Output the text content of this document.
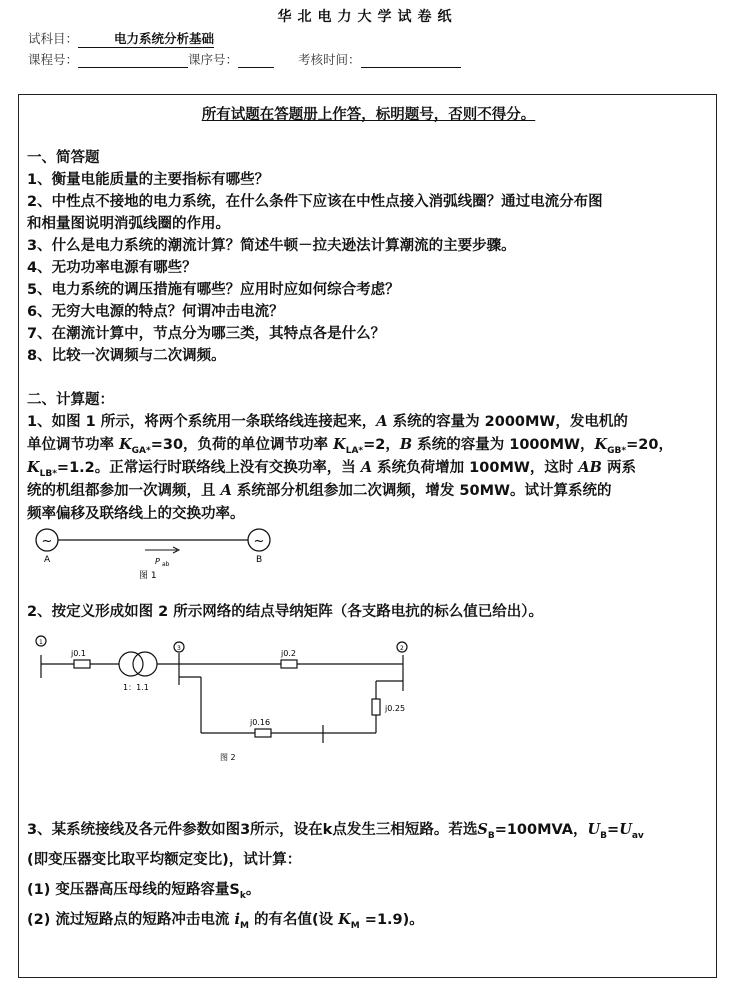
华北电力大学试卷纸
试科目：	电力系统分析基础
课程号：	课序号：	考核时间：
所有试题在答题册上作答，标明题号，否则不得分。
一、简答题
1、衡量电能质量的主要指标有哪些？
2、中性点不接地的电力系统，在什么条件下应该在中性点接入消弧线圈？通过电流分布图
和相量图说明消弧线圈的作用。
3、什么是电力系统的潮流计算？简述牛顿－拉夫逊法计算潮流的主要步骤。
4、无功功率电源有哪些？
5、电力系统的调压措施有哪些？应用时应如何综合考虑？
6、无穷大电源的特点？何谓冲击电流？
7、在潮流计算中，节点分为哪三类，其特点各是什么？
8、比较一次调频与二次调频。
二、计算题：
1、如图 1 所示，将两个系统用一条联络线连接起来，A 系统的容量为 2000MW，发电机的
单位调节功率 $K_{GA*}=30$，负荷的单位调节功率 $K_{LA*}=2$，B 系统的容量为 1000MW，$K_{GB*}=20$，
$K_{LB*}=1.2$。正常运行时联络线上没有交换功率，当 A 系统负荷增加 100MW，这时 AB 两系
统的机组都参加一次调频，且 A 系统部分机组参加二次调频，增发 50MW。试计算系统的
频率偏移及联络线上的交换功率。
2、按定义形成如图 2 所示网络的结点导纳矩阵（各支路电抗的标么值已给出）。
3、某系统接线及各元件参数如图3所示，设在k点发生三相短路。若选$S_B=100MVA$，$U_B=U_{av}$
(即变压器变比取平均额定变比)，试计算：
(1) 变压器高压母线的短路容量$S_k$。
(2) 流过短路点的短路冲击电流 $i_M$ 的有名值(设 $K_M =1.9$)。
~	~
P ab
A	B
图 1
1
3	2
j0.1
1：1.1
j0.2
j0.25
j0.16
图 2
